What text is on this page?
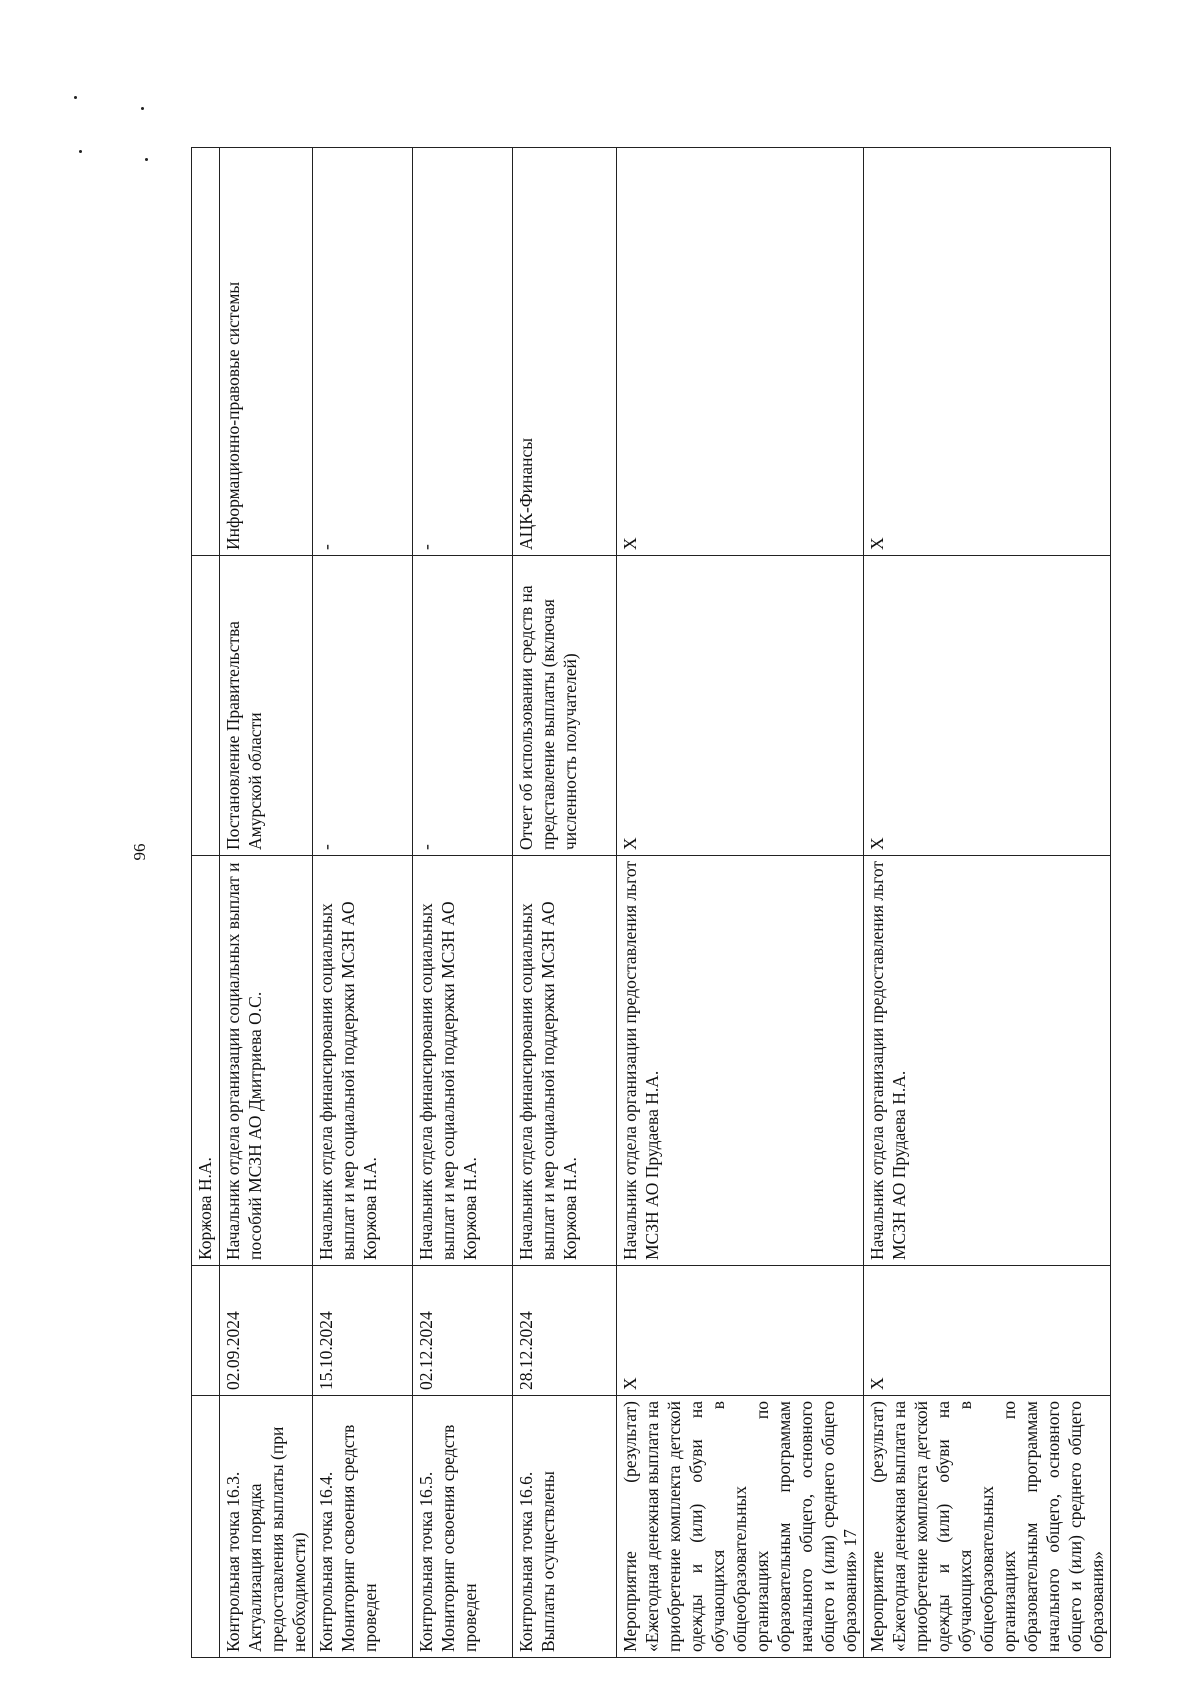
96
		Коржова Н.А.		
Контрольная точка 16.3. Актуализация порядка предоставления выплаты (при необходимости)	02.09.2024	Начальник отдела организации социальных выплат и пособий МСЗН АО Дмитриева О.С.	Постановление Правительства Амурской области	Информационно-правовые системы
Контрольная точка 16.4. Мониторинг освоения средств проведен	15.10.2024	Начальник отдела финансирования социальных выплат и мер социальной поддержки МСЗН АО Коржова Н.А.	-	-
Контрольная точка 16.5. Мониторинг освоения средств проведен	02.12.2024	Начальник отдела финансирования социальных выплат и мер социальной поддержки МСЗН АО Коржова Н.А.	-	-
Контрольная точка 16.6. Выплаты осуществлены	28.12.2024	Начальник отдела финансирования социальных выплат и мер социальной поддержки МСЗН АО Коржова Н.А.	Отчет об использовании средств на представление выплаты (включая численность получателей)	АЦК-Финансы
Мероприятие (результат) «Ежегодная денежная выплата на приобретение комплекта детской одежды и (или) обуви на обучающихся в общеобразовательных организациях по образовательным программам начального общего, основного общего и (или) среднего общего образования» 17	X	Начальник отдела организации предоставления льгот МСЗН АО Прудаева Н.А.	X	X
Мероприятие (результат) «Ежегодная денежная выплата на приобретение комплекта детской одежды и (или) обуви на обучающихся в общеобразовательных организациях по образовательным программам начального общего, основного общего и (или) среднего общего образования»	X	Начальник отдела организации предоставления льгот МСЗН АО Прудаева Н.А.	X	X
